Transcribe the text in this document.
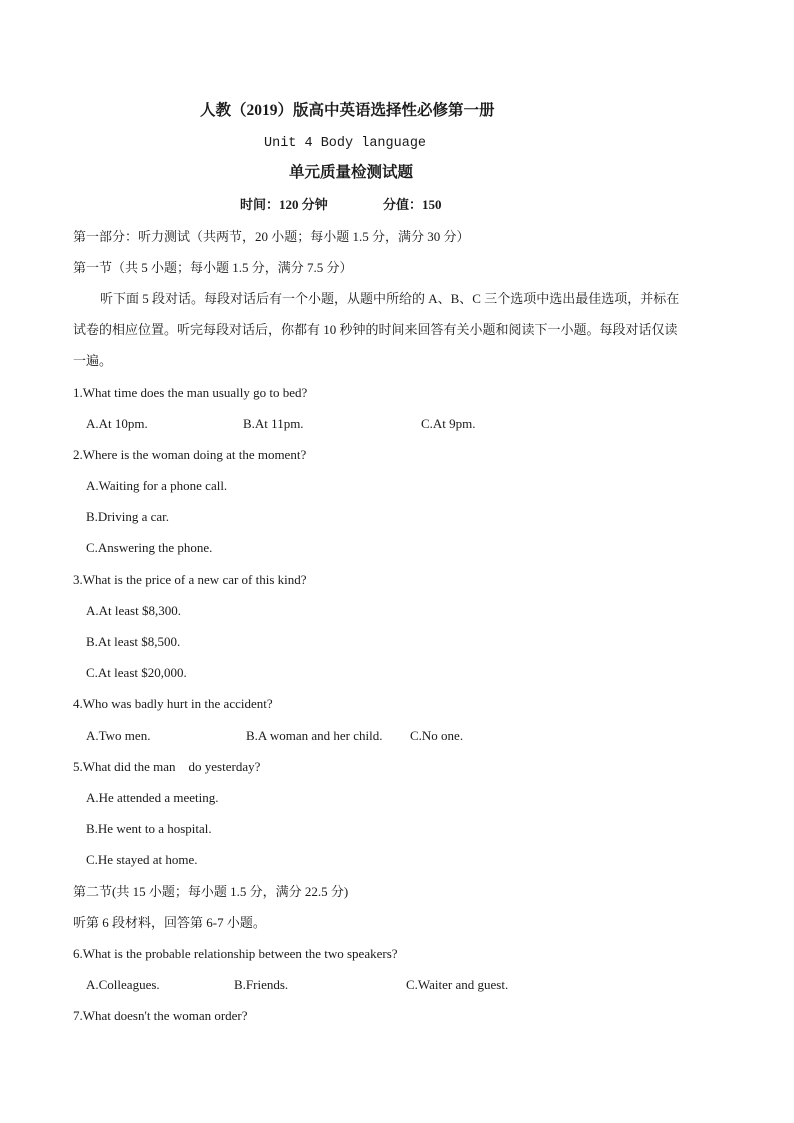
人教（2019）版高中英语选择性必修第一册
Unit 4 Body language
单元质量检测试题
时间：120 分钟	分值：150
第一部分：听力测试（共两节，20 小题；每小题 1.5 分，满分 30 分）
第一节（共 5 小题；每小题 1.5 分，满分 7.5 分）
听下面 5 段对话。每段对话后有一个小题，从题中所给的 A、B、C 三个选项中选出最佳选项，并标在
试卷的相应位置。听完每段对话后，你都有 10 秒钟的时间来回答有关小题和阅读下一小题。每段对话仅读
一遍。
1.What time does the man usually go to bed?
A.At 10pm.	B.At 11pm.	C.At 9pm.
2.Where is the woman doing at the moment?
A.Waiting for a phone call.
B.Driving a car.
C.Answering the phone.
3.What is the price of a new car of this kind?
A.At least $8,300.
B.At least $8,500.
C.At least $20,000.
4.Who was badly hurt in the accident?
A.Two men.	B.A woman and her child. C.No one.
5.What did the man    do yesterday?
A.He attended a meeting.
B.He went to a hospital.
C.He stayed at home.
第二节(共 15 小题；每小题 1.5 分，满分 22.5 分)
听第 6 段材料，回答第 6-7 小题。
6.What is the probable relationship between the two speakers?
A.Colleagues.	B.Friends.	C.Waiter and guest.
7.What doesn't the woman order?
